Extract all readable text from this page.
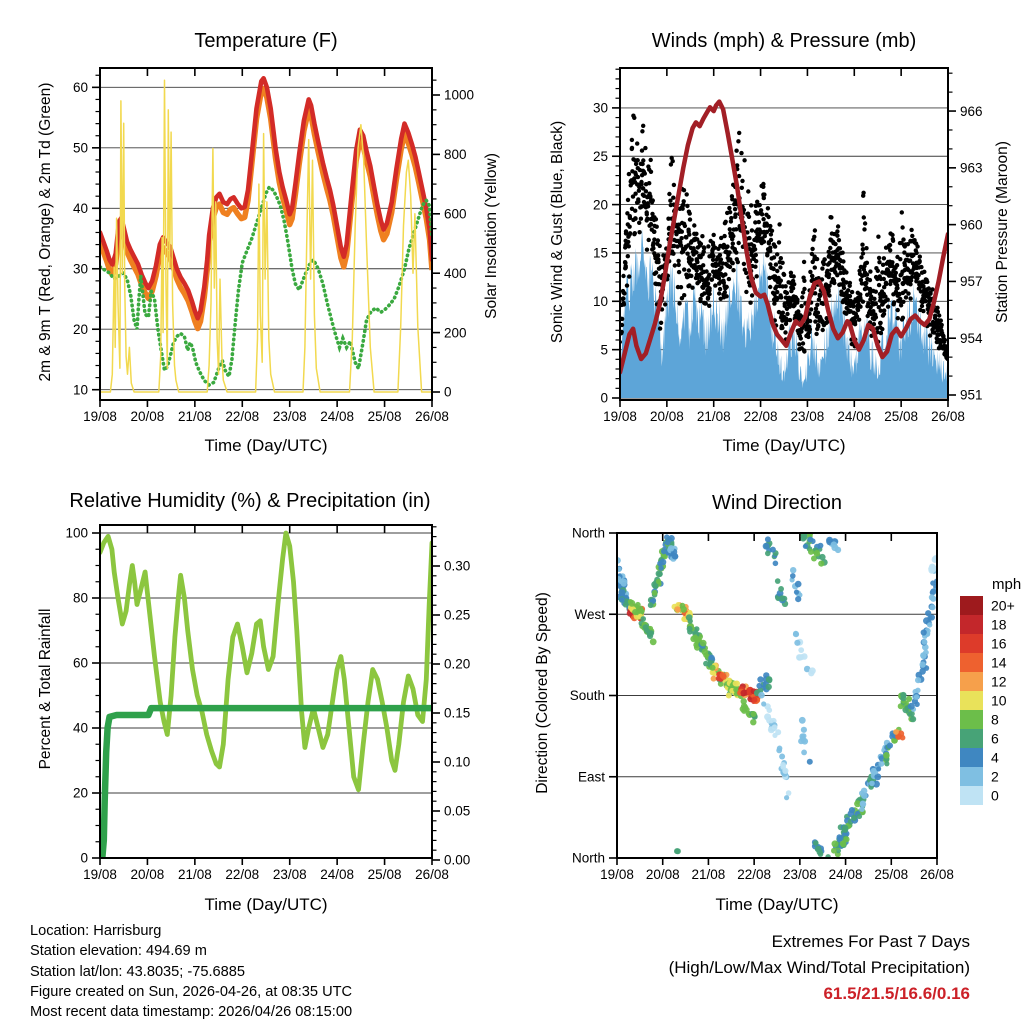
10
20
30
40
50
60
0
200
400
600
800
1000
19/08 20/08 21/08 22/08 23/08 24/08 25/08 26/08
0
5
10
15
20
25
30
951
954
957
960
963
966
19/08 20/08 21/08 22/08 23/08 24/08 25/08 26/08
0
20
40
60
80
100
0.00
0.05
0.10
0.15
0.20
0.25
0.30
19/08 20/08 21/08 22/08 23/08 24/08 25/08 26/08
North
West
South
East
North
19/08 20/08 21/08 22/08 23/08 24/08 25/08 26/08
mph
20+
18
16
14
12
10
8
6
4
2
0
Temperature (F)	Winds (mph) & Pressure (mb)
Relative Humidity (%) & Precipitation (in)	Wind Direction
2m & 9m T (Red, Orange) & 2m Td (Green)	Solar Insolation (Yellow)	Sonic Wind & Gust (Blue, Black)	Station Pressure (Maroon)
Percent & Total Rainfall	Direction (Colored By Speed)
Time (Day/UTC)	Time (Day/UTC)
Time (Day/UTC)	Time (Day/UTC)
Location: Harrisburg
Station elevation: 494.69 m
Station lat/lon: 43.8035; -75.6885
Figure created on Sun, 2026-04-26, at 08:35 UTC
Most recent data timestamp: 2026/04/26 08:15:00
Extremes For Past 7 Days
(High/Low/Max Wind/Total Precipitation)
61.5/21.5/16.6/0.16
